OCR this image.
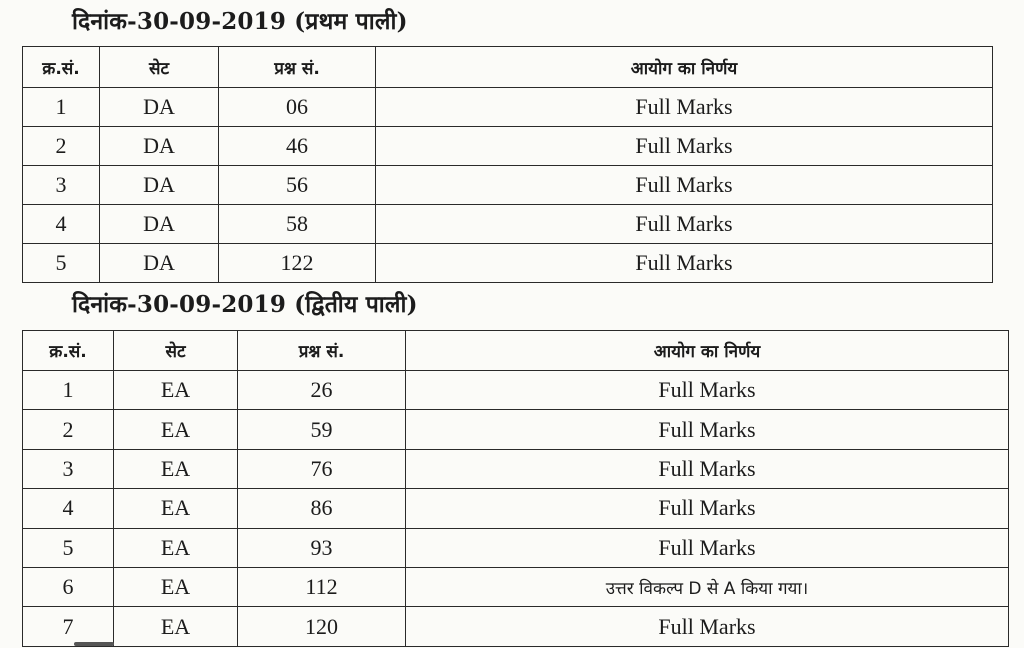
दिनांक-30-09-2019 (प्रथम पाली)
क्र.सं.	सेट	प्रश्न सं.	आयोग का निर्णय
1	DA	06	Full Marks
2	DA	46	Full Marks
3	DA	56	Full Marks
4	DA	58	Full Marks
5	DA	122	Full Marks
दिनांक-30-09-2019 (द्वितीय पाली)
क्र.सं.	सेट	प्रश्न सं.	आयोग का निर्णय
1	EA	26	Full Marks
2	EA	59	Full Marks
3	EA	76	Full Marks
4	EA	86	Full Marks
5	EA	93	Full Marks
6	EA	112	उत्तर विकल्प D से A किया गया।
7	EA	120	Full Marks
